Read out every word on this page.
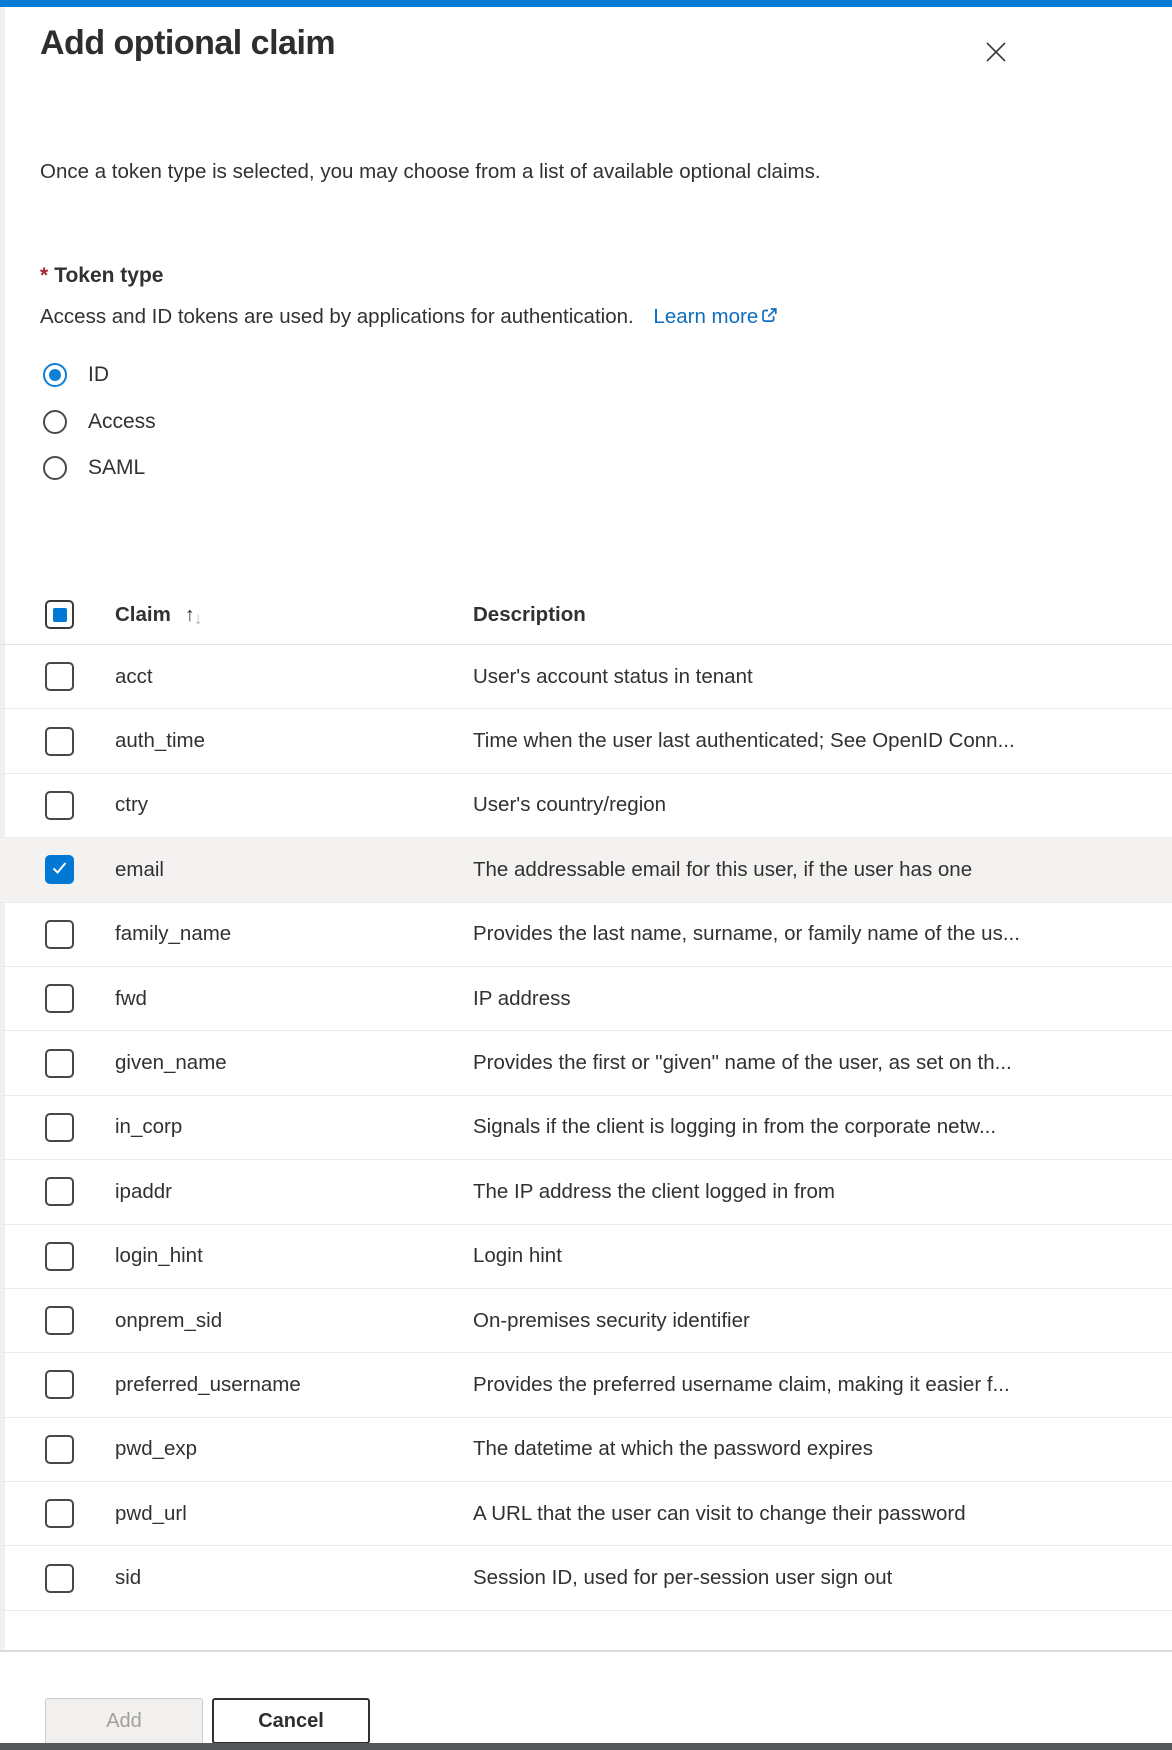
Add optional claim
Once a token type is selected, you may choose from a list of available optional claims.
* Token type
Access and ID tokens are used by applications for authentication. Learn more
ID
Access
SAML
Claim ↑↓	Description
acct	User's account status in tenant
auth_time	Time when the user last authenticated; See OpenID Conn...
ctry	User's country/region
email	The addressable email for this user, if the user has one
family_name	Provides the last name, surname, or family name of the us...
fwd	IP address
given_name	Provides the first or "given" name of the user, as set on th...
in_corp	Signals if the client is logging in from the corporate netw...
ipaddr	The IP address the client logged in from
login_hint	Login hint
onprem_sid	On-premises security identifier
preferred_username	Provides the preferred username claim, making it easier f...
pwd_exp	The datetime at which the password expires
pwd_url	A URL that the user can visit to change their password
sid	Session ID, used for per-session user sign out
Add	Cancel
